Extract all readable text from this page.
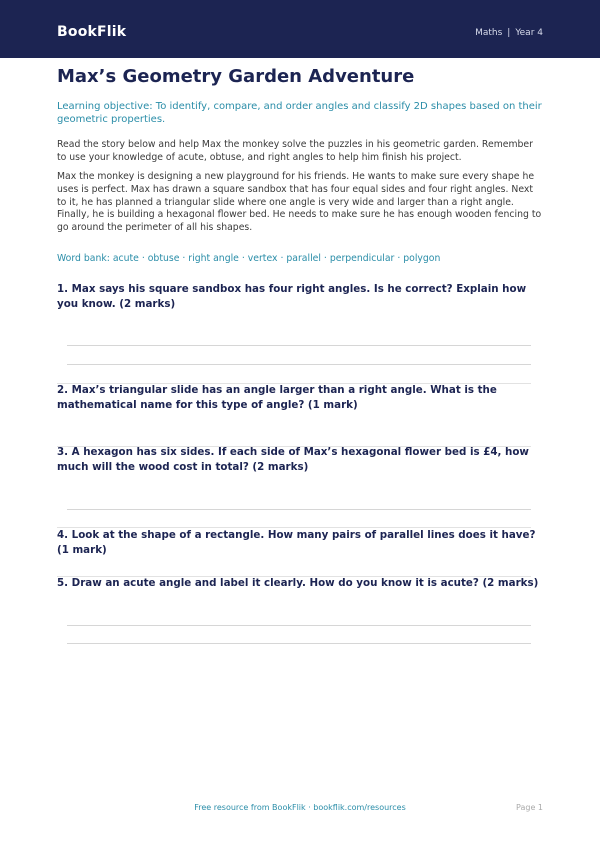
BookFlik	Maths | Year 4
Max’s Geometry Garden Adventure

Learning objective: To identify, compare, and order angles and classify 2D shapes based on their geometric properties.

Read the story below and help Max the monkey solve the puzzles in his geometric garden. Remember to use your knowledge of acute, obtuse, and right angles to help him finish his project.

Max the monkey is designing a new playground for his friends. He wants to make sure every shape he uses is perfect. Max has drawn a square sandbox that has four equal sides and four right angles. Next to it, he has planned a triangular slide where one angle is very wide and larger than a right angle. Finally, he is building a hexagonal flower bed. He needs to make sure he has enough wooden fencing to go around the perimeter of all his shapes.

Word bank: acute · obtuse · right angle · vertex · parallel · perpendicular · polygon

1. Max says his square sandbox has four right angles. Is he correct? Explain how you know. (2 marks)

2. Max’s triangular slide has an angle larger than a right angle. What is the mathematical name for this type of angle? (1 mark)

3. A hexagon has six sides. If each side of Max’s hexagonal flower bed is £4, how much will the wood cost in total? (2 marks)

4. Look at the shape of a rectangle. How many pairs of parallel lines does it have? (1 mark)

5. Draw an acute angle and label it clearly. How do you know it is acute? (2 marks)

Free resource from BookFlik · bookflik.com/resources	Page 1
